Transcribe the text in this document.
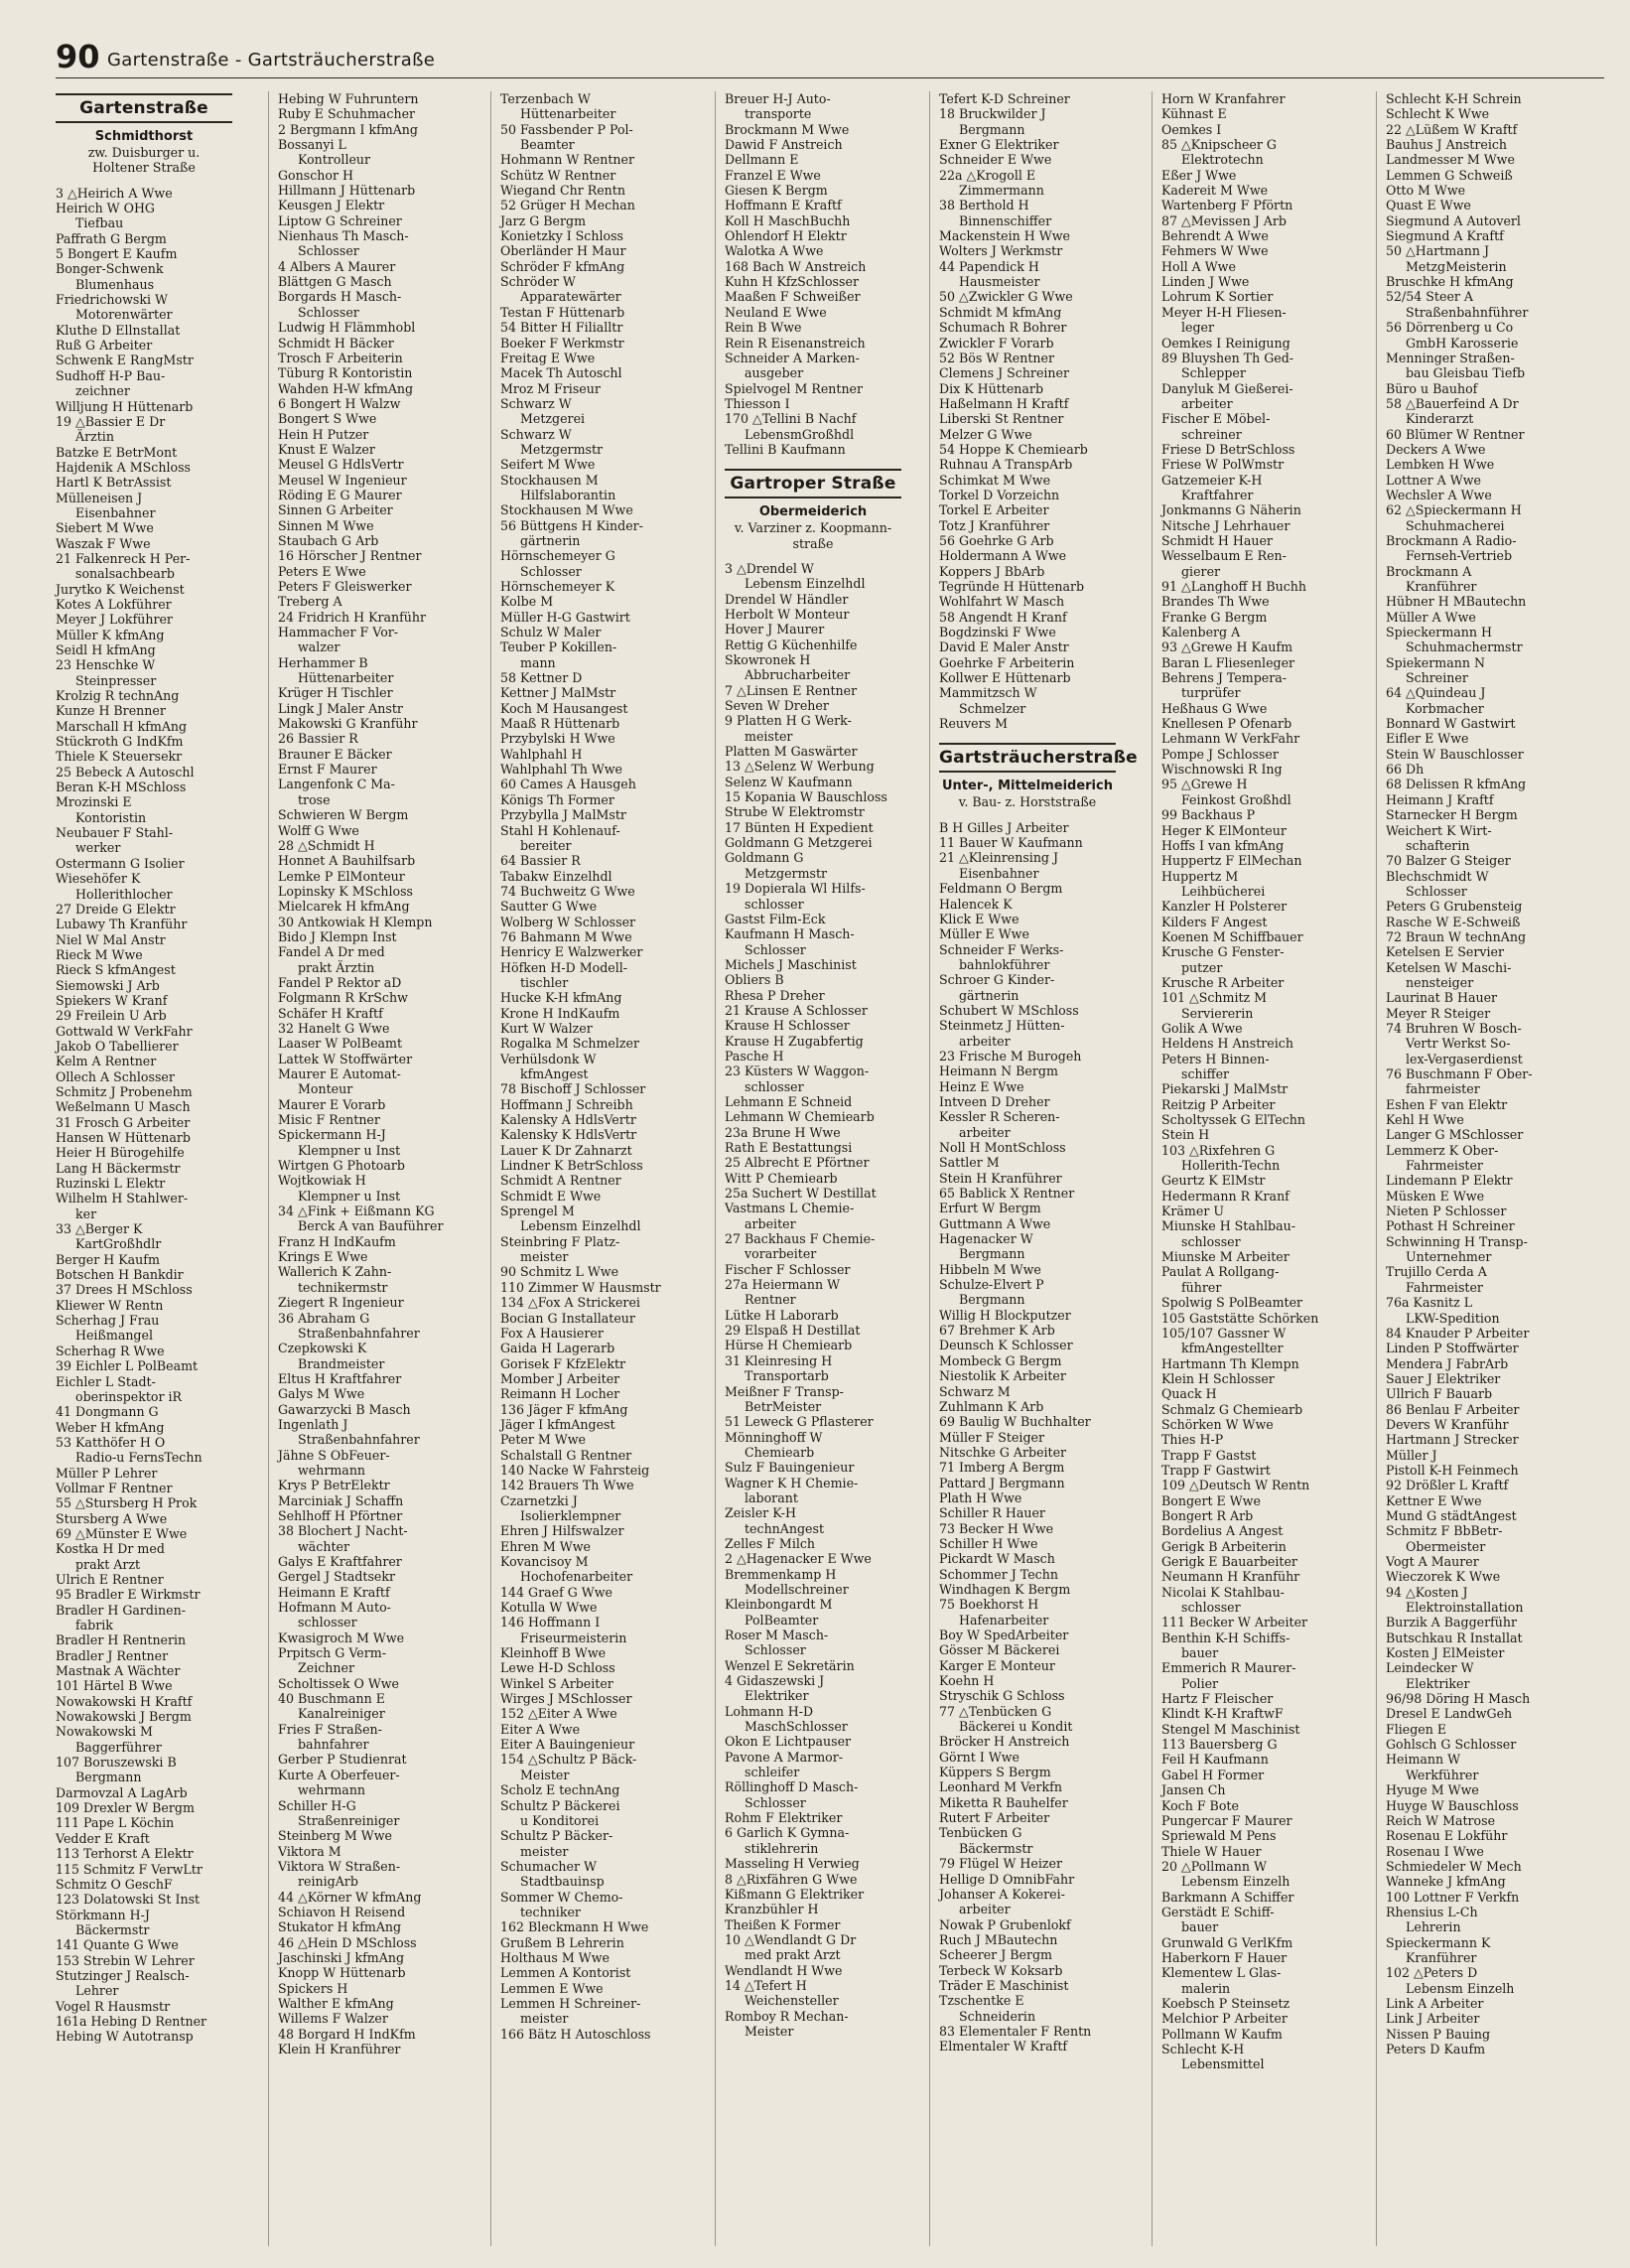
90 Gartenstraße - Gartsträucherstraße
Gartenstraße
Schmidthorst
zw. Duisburger u.
Holtener Straße
3 △Heirich A Wwe
Heirich W OHG
Tiefbau
Paffrath G Bergm
5 Bongert E Kaufm
Bonger-Schwenk
Blumenhaus
Friedrichowski W
Motorenwärter
Kluthe D Ellnstallat
Ruß G Arbeiter
Schwenk E RangMstr
Sudhoff H-P Bau-
zeichner
Willjung H Hüttenarb
19 △Bassier E Dr
Ärztin
Batzke E BetrMont
Hajdenik A MSchloss
Hartl K BetrAssist
Mülleneisen J
Eisenbahner
Siebert M Wwe
Waszak F Wwe
21 Falkenreck H Per-
sonalsachbearb
Jurytko K Weichenst
Kotes A Lokführer
Meyer J Lokführer
Müller K kfmAng
Seidl H kfmAng
23 Henschke W
Steinpresser
Krolzig R technAng
Kunze H Brenner
Marschall H kfmAng
Stückroth G IndKfm
Thiele K Steuersekr
25 Bebeck A Autoschl
Beran K-H MSchloss
Mrozinski E
Kontoristin
Neubauer F Stahl-
werker
Ostermann G Isolier
Wiesehöfer K
Hollerithlocher
27 Dreide G Elektr
Lubawy Th Kranführ
Niel W Mal Anstr
Rieck M Wwe
Rieck S kfmAngest
Siemowski J Arb
Spiekers W Kranf
29 Freilein U Arb
Gottwald W VerkFahr
Jakob O Tabellierer
Kelm A Rentner
Ollech A Schlosser
Schmitz J Probenehm
Weßelmann U Masch
31 Frosch G Arbeiter
Hansen W Hüttenarb
Heier H Bürogehilfe
Lang H Bäckermstr
Ruzinski L Elektr
Wilhelm H Stahlwer-
ker
33 △Berger K
KartGroßhdlr
Berger H Kaufm
Botschen H Bankdir
37 Drees H MSchloss
Kliewer W Rentn
Scherhag J Frau
Heißmangel
Scherhag R Wwe
39 Eichler L PolBeamt
Eichler L Stadt-
oberinspektor iR
41 Dongmann G
Weber H kfmAng
53 Katthöfer H O
Radio-u FernsTechn
Müller P Lehrer
Vollmar F Rentner
55 △Stursberg H Prok
Stursberg A Wwe
69 △Münster E Wwe
Kostka H Dr med
prakt Arzt
Ulrich E Rentner
95 Bradler E Wirkmstr
Bradler H Gardinen-
fabrik
Bradler H Rentnerin
Bradler J Rentner
Mastnak A Wächter
101 Härtel B Wwe
Nowakowski H Kraftf
Nowakowski J Bergm
Nowakowski M
Baggerführer
107 Boruszewski B
Bergmann
Darmovzal A LagArb
109 Drexler W Bergm
111 Pape L Köchin
Vedder E Kraft
113 Terhorst A Elektr
115 Schmitz F VerwLtr
Schmitz O GeschF
123 Dolatowski St Inst
Störkmann H-J
Bäckermstr
141 Quante G Wwe
153 Strebin W Lehrer
Stutzinger J Realsch-
Lehrer
Vogel R Hausmstr
161a Hebing D Rentner
Hebing W Autotransp
Hebing W Fuhruntern
Ruby E Schuhmacher
2 Bergmann I kfmAng
Bossanyi L
Kontrolleur
Gonschor H
Hillmann J Hüttenarb
Keusgen J Elektr
Liptow G Schreiner
Nienhaus Th Masch-
Schlosser
4 Albers A Maurer
Blättgen G Masch
Borgards H Masch-
Schlosser
Ludwig H Flämmhobl
Schmidt H Bäcker
Trosch F Arbeiterin
Tüburg R Kontoristin
Wahden H-W kfmAng
6 Bongert H Walzw
Bongert S Wwe
Hein H Putzer
Knust E Walzer
Meusel G HdlsVertr
Meusel W Ingenieur
Röding E G Maurer
Sinnen G Arbeiter
Sinnen M Wwe
Staubach G Arb
16 Hörscher J Rentner
Peters E Wwe
Peters F Gleiswerker
Treberg A
24 Fridrich H Kranführ
Hammacher F Vor-
walzer
Herhammer B
Hüttenarbeiter
Krüger H Tischler
Lingk J Maler Anstr
Makowski G Kranführ
26 Bassier R
Brauner E Bäcker
Ernst F Maurer
Langenfonk C Ma-
trose
Schwieren W Bergm
Wolff G Wwe
28 △Schmidt H
Honnet A Bauhilfsarb
Lemke P ElMonteur
Lopinsky K MSchloss
Mielcarek H kfmAng
30 Antkowiak H Klempn
Bido J Klempn Inst
Fandel A Dr med
prakt Ärztin
Fandel P Rektor aD
Folgmann R KrSchw
Schäfer H Kraftf
32 Hanelt G Wwe
Laaser W PolBeamt
Lattek W Stoffwärter
Maurer E Automat-
Monteur
Maurer E Vorarb
Misic F Rentner
Spickermann H-J
Klempner u Inst
Wirtgen G Photoarb
Wojtkowiak H
Klempner u Inst
34 △Fink + Eißmann KG
Berck A van Bauführer
Franz H IndKaufm
Krings E Wwe
Wallerich K Zahn-
technikermstr
Ziegert R Ingenieur
36 Abraham G
Straßenbahnfahrer
Czepkowski K
Brandmeister
Eltus H Kraftfahrer
Galys M Wwe
Gawarzycki B Masch
Ingenlath J
Straßenbahnfahrer
Jähne S ObFeuer-
wehrmann
Krys P BetrElektr
Marciniak J Schaffn
Sehlhoff H Pförtner
38 Blochert J Nacht-
wächter
Galys E Kraftfahrer
Gergel J Stadtsekr
Heimann E Kraftf
Hofmann M Auto-
schlosser
Kwasigroch M Wwe
Prpitsch G Verm-
Zeichner
Scholtissek O Wwe
40 Buschmann E
Kanalreiniger
Fries F Straßen-
bahnfahrer
Gerber P Studienrat
Kurte A Oberfeuer-
wehrmann
Schiller H-G
Straßenreiniger
Steinberg M Wwe
Viktora M
Viktora W Straßen-
reinigArb
44 △Körner W kfmAng
Schiavon H Reisend
Stukator H kfmAng
46 △Hein D MSchloss
Jaschinski J kfmAng
Knopp W Hüttenarb
Spickers H
Walther E kfmAng
Willems F Walzer
48 Borgard H IndKfm
Klein H Kranführer
Terzenbach W
Hüttenarbeiter
50 Fassbender P Pol-
Beamter
Hohmann W Rentner
Schütz W Rentner
Wiegand Chr Rentn
52 Grüger H Mechan
Jarz G Bergm
Konietzky I Schloss
Oberländer H Maur
Schröder F kfmAng
Schröder W
Apparatewärter
Testan F Hüttenarb
54 Bitter H Filialltr
Boeker F Werkmstr
Freitag E Wwe
Macek Th Autoschl
Mroz M Friseur
Schwarz W
Metzgerei
Schwarz W
Metzgermstr
Seifert M Wwe
Stockhausen M
Hilfslaborantin
Stockhausen M Wwe
56 Büttgens H Kinder-
gärtnerin
Hörnschemeyer G
Schlosser
Hörnschemeyer K
Kolbe M
Müller H-G Gastwirt
Schulz W Maler
Teuber P Kokillen-
mann
58 Kettner D
Kettner J MalMstr
Koch M Hausangest
Maaß R Hüttenarb
Przybylski H Wwe
Wahlphahl H
Wahlphahl Th Wwe
60 Cames A Hausgeh
Königs Th Former
Przybylla J MalMstr
Stahl H Kohlenauf-
bereiter
64 Bassier R
Tabakw Einzelhdl
74 Buchweitz G Wwe
Sautter G Wwe
Wolberg W Schlosser
76 Bahmann M Wwe
Henricy E Walzwerker
Höfken H-D Modell-
tischler
Hucke K-H kfmAng
Krone H IndKaufm
Kurt W Walzer
Rogalka M Schmelzer
Verhülsdonk W
kfmAngest
78 Bischoff J Schlosser
Hoffmann J Schreibh
Kalensky A HdlsVertr
Kalensky K HdlsVertr
Lauer K Dr Zahnarzt
Lindner K BetrSchloss
Schmidt A Rentner
Schmidt E Wwe
Sprengel M
Lebensm Einzelhdl
Steinbring F Platz-
meister
90 Schmitz L Wwe
110 Zimmer W Hausmstr
134 △Fox A Strickerei
Bocian G Installateur
Fox A Hausierer
Gaida H Lagerarb
Gorisek F KfzElektr
Momber J Arbeiter
Reimann H Locher
136 Jäger F kfmAng
Jäger I kfmAngest
Peter M Wwe
Schalstall G Rentner
140 Nacke W Fahrsteig
142 Brauers Th Wwe
Czarnetzki J
Isolierklempner
Ehren J Hilfswalzer
Ehren M Wwe
Kovancisoy M
Hochofenarbeiter
144 Graef G Wwe
Kotulla W Wwe
146 Hoffmann I
Friseurmeisterin
Kleinhoff B Wwe
Lewe H-D Schloss
Winkel S Arbeiter
Wirges J MSchlosser
152 △Eiter A Wwe
Eiter A Wwe
Eiter A Bauingenieur
154 △Schultz P Bäck-
Meister
Scholz E technAng
Schultz P Bäckerei
u Konditorei
Schultz P Bäcker-
meister
Schumacher W
Stadtbauinsp
Sommer W Chemo-
techniker
162 Bleckmann H Wwe
Grußem B Lehrerin
Holthaus M Wwe
Lemmen A Kontorist
Lemmen E Wwe
Lemmen H Schreiner-
meister
166 Bätz H Autoschloss
Breuer H-J Auto-
transporte
Brockmann M Wwe
Dawid F Anstreich
Dellmann E
Franzel E Wwe
Giesen K Bergm
Hoffmann E Kraftf
Koll H MaschBuchh
Ohlendorf H Elektr
Walotka A Wwe
168 Bach W Anstreich
Kuhn H KfzSchlosser
Maaßen F Schweißer
Neuland E Wwe
Rein B Wwe
Rein R Eisenanstreich
Schneider A Marken-
ausgeber
Spielvogel M Rentner
Thiesson I
170 △Tellini B Nachf
LebensmGroßhdl
Tellini B Kaufmann
Gartroper Straße
Obermeiderich
v. Varziner z. Koopmann-
straße
3 △Drendel W
Lebensm Einzelhdl
Drendel W Händler
Herbolt W Monteur
Hover J Maurer
Rettig G Küchenhilfe
Skowronek H
Abbrucharbeiter
7 △Linsen E Rentner
Seven W Dreher
9 Platten H G Werk-
meister
Platten M Gaswärter
13 △Selenz W Werbung
Selenz W Kaufmann
15 Kopania W Bauschloss
Strube W Elektromstr
17 Bünten H Expedient
Goldmann G Metzgerei
Goldmann G
Metzgermstr
19 Dopierala Wl Hilfs-
schlosser
Gastst Film-Eck
Kaufmann H Masch-
Schlosser
Michels J Maschinist
Obliers B
Rhesa P Dreher
21 Krause A Schlosser
Krause H Schlosser
Krause H Zugabfertig
Pasche H
23 Küsters W Waggon-
schlosser
Lehmann E Schneid
Lehmann W Chemiearb
23a Brune H Wwe
Rath E Bestattungsi
25 Albrecht E Pförtner
Witt P Chemiearb
25a Suchert W Destillat
Vastmans L Chemie-
arbeiter
27 Backhaus F Chemie-
vorarbeiter
Fischer F Schlosser
27a Heiermann W
Rentner
Lütke H Laborarb
29 Elspaß H Destillat
Hürse H Chemiearb
31 Kleinresing H
Transportarb
Meißner F Transp-
BetrMeister
51 Leweck G Pflasterer
Mönninghoff W
Chemiearb
Sulz F Bauingenieur
Wagner K H Chemie-
laborant
Zeisler K-H
technAngest
Zelles F Milch
2 △Hagenacker E Wwe
Bremmenkamp H
Modellschreiner
Kleinbongardt M
PolBeamter
Roser M Masch-
Schlosser
Wenzel E Sekretärin
4 Gidaszewski J
Elektriker
Lohmann H-D
MaschSchlosser
Okon E Lichtpauser
Pavone A Marmor-
schleifer
Röllinghoff D Masch-
Schlosser
Rohm F Elektriker
6 Garlich K Gymna-
stiklehrerin
Masseling H Verwieg
8 △Rixfähren G Wwe
Kißmann G Elektriker
Kranzbühler H
Theißen K Former
10 △Wendlandt G Dr
med prakt Arzt
Wendlandt H Wwe
14 △Tefert H
Weichensteller
Romboy R Mechan-
Meister
Tefert K-D Schreiner
18 Bruckwilder J
Bergmann
Exner G Elektriker
Schneider E Wwe
22a △Krogoll E
Zimmermann
38 Berthold H
Binnenschiffer
Mackenstein H Wwe
Wolters J Werkmstr
44 Papendick H
Hausmeister
50 △Zwickler G Wwe
Schmidt M kfmAng
Schumach R Bohrer
Zwickler F Vorarb
52 Bös W Rentner
Clemens J Schreiner
Dix K Hüttenarb
Haßelmann H Kraftf
Liberski St Rentner
Melzer G Wwe
54 Hoppe K Chemiearb
Ruhnau A TranspArb
Schimkat M Wwe
Torkel D Vorzeichn
Torkel E Arbeiter
Totz J Kranführer
56 Goehrke G Arb
Holdermann A Wwe
Koppers J BbArb
Tegründe H Hüttenarb
Wohlfahrt W Masch
58 Angendt H Kranf
Bogdzinski F Wwe
David E Maler Anstr
Goehrke F Arbeiterin
Kollwer E Hüttenarb
Mammitzsch W
Schmelzer
Reuvers M
Gartsträucherstraße
Unter-, Mittelmeiderich
v. Bau- z. Horststraße
B H Gilles J Arbeiter
11 Bauer W Kaufmann
21 △Kleinrensing J
Eisenbahner
Feldmann O Bergm
Halencek K
Klick E Wwe
Müller E Wwe
Schneider F Werks-
bahnlokführer
Schroer G Kinder-
gärtnerin
Schubert W MSchloss
Steinmetz J Hütten-
arbeiter
23 Frische M Burogeh
Heimann N Bergm
Heinz E Wwe
Intveen D Dreher
Kessler R Scheren-
arbeiter
Noll H MontSchloss
Sattler M
Stein H Kranführer
65 Bablick X Rentner
Erfurt W Bergm
Guttmann A Wwe
Hagenacker W
Bergmann
Hibbeln M Wwe
Schulze-Elvert P
Bergmann
Willig H Blockputzer
67 Brehmer K Arb
Deunsch K Schlosser
Mombeck G Bergm
Niestolik K Arbeiter
Schwarz M
Zuhlmann K Arb
69 Baulig W Buchhalter
Müller F Steiger
Nitschke G Arbeiter
71 Imberg A Bergm
Pattard J Bergmann
Plath H Wwe
Schiller R Hauer
73 Becker H Wwe
Schiller H Wwe
Pickardt W Masch
Schommer J Techn
Windhagen K Bergm
75 Boekhorst H
Hafenarbeiter
Boy W SpedArbeiter
Gösser M Bäckerei
Karger E Monteur
Koehn H
Stryschik G Schloss
77 △Tenbücken G
Bäckerei u Kondit
Bröcker H Anstreich
Görnt I Wwe
Küppers S Bergm
Leonhard M Verkfn
Miketta R Bauhelfer
Rutert F Arbeiter
Tenbücken G
Bäckermstr
79 Flügel W Heizer
Hellige D OmnibFahr
Johanser A Kokerei-
arbeiter
Nowak P Grubenlokf
Ruch J MBautechn
Scheerer J Bergm
Terbeck W Koksarb
Träder E Maschinist
Tzschentke E
Schneiderin
83 Elementaler F Rentn
Elmentaler W Kraftf
Horn W Kranfahrer
Kühnast E
Oemkes I
85 △Knipscheer G
Elektrotechn
Eßer J Wwe
Kadereit M Wwe
Wartenberg F Pförtn
87 △Mevissen J Arb
Behrendt A Wwe
Fehmers W Wwe
Holl A Wwe
Linden J Wwe
Lohrum K Sortier
Meyer H-H Fliesen-
leger
Oemkes I Reinigung
89 Bluyshen Th Ged-
Schlepper
Danyluk M Gießerei-
arbeiter
Fischer E Möbel-
schreiner
Friese D BetrSchloss
Friese W PolWmstr
Gatzemeier K-H
Kraftfahrer
Jonkmanns G Näherin
Nitsche J Lehrhauer
Schmidt H Hauer
Wesselbaum E Ren-
gierer
91 △Langhoff H Buchh
Brandes Th Wwe
Franke G Bergm
Kalenberg A
93 △Grewe H Kaufm
Baran L Fliesenleger
Behrens J Tempera-
turprüfer
Heßhaus G Wwe
Knellesen P Ofenarb
Lehmann W VerkFahr
Pompe J Schlosser
Wischnowski R Ing
95 △Grewe H
Feinkost Großhdl
99 Backhaus P
Heger K ElMonteur
Hoffs I van kfmAng
Huppertz F ElMechan
Huppertz M
Leihbücherei
Kanzler H Polsterer
Kilders F Angest
Koenen M Schiffbauer
Krusche G Fenster-
putzer
Krusche R Arbeiter
101 △Schmitz M
Serviererin
Golik A Wwe
Heldens H Anstreich
Peters H Binnen-
schiffer
Piekarski J MalMstr
Reitzig P Arbeiter
Scholtyssek G ElTechn
Stein H
103 △Rixfehren G
Hollerith-Techn
Geurtz K ElMstr
Hedermann R Kranf
Krämer U
Miunske H Stahlbau-
schlosser
Miunske M Arbeiter
Paulat A Rollgang-
führer
Spolwig S PolBeamter
105 Gaststätte Schörken
105/107 Gassner W
kfmAngestellter
Hartmann Th Klempn
Klein H Schlosser
Quack H
Schmalz G Chemiearb
Schörken W Wwe
Thies H-P
Trapp F Gastst
Trapp F Gastwirt
109 △Deutsch W Rentn
Bongert E Wwe
Bongert R Arb
Bordelius A Angest
Gerigk B Arbeiterin
Gerigk E Bauarbeiter
Neumann H Kranführ
Nicolai K Stahlbau-
schlosser
111 Becker W Arbeiter
Benthin K-H Schiffs-
bauer
Emmerich R Maurer-
Polier
Hartz F Fleischer
Klindt K-H KraftwF
Stengel M Maschinist
113 Bauersberg G
Feil H Kaufmann
Gabel H Former
Jansen Ch
Koch F Bote
Pungercar F Maurer
Spriewald M Pens
Thiele W Hauer
20 △Pollmann W
Lebensm Einzelh
Barkmann A Schiffer
Gerstädt E Schiff-
bauer
Grunwald G VerlKfm
Haberkorn F Hauer
Klementew L Glas-
malerin
Koebsch P Steinsetz
Melchior P Arbeiter
Pollmann W Kaufm
Schlecht K-H
Lebensmittel
Schlecht K-H Schrein
Schlecht K Wwe
22 △Lüßem W Kraftf
Bauhus J Anstreich
Landmesser M Wwe
Lemmen G Schweiß
Otto M Wwe
Quast E Wwe
Siegmund A Autoverl
Siegmund A Kraftf
50 △Hartmann J
MetzgMeisterin
Bruschke H kfmAng
52/54 Steer A
Straßenbahnführer
56 Dörrenberg u Co
GmbH Karosserie
Menninger Straßen-
bau Gleisbau Tiefb
Büro u Bauhof
58 △Bauerfeind A Dr
Kinderarzt
60 Blümer W Rentner
Deckers A Wwe
Lembken H Wwe
Lottner A Wwe
Wechsler A Wwe
62 △Spieckermann H
Schuhmacherei
Brockmann A Radio-
Fernseh-Vertrieb
Brockmann A
Kranführer
Hübner H MBautechn
Müller A Wwe
Spieckermann H
Schuhmachermstr
Spiekermann N
Schreiner
64 △Quindeau J
Korbmacher
Bonnard W Gastwirt
Eifler E Wwe
Stein W Bauschlosser
66 Dh
68 Delissen R kfmAng
Heimann J Kraftf
Starnecker H Bergm
Weichert K Wirt-
schafterin
70 Balzer G Steiger
Blechschmidt W
Schlosser
Peters G Grubensteig
Rasche W E-Schweiß
72 Braun W technAng
Ketelsen E Servier
Ketelsen W Maschi-
nensteiger
Laurinat B Hauer
Meyer R Steiger
74 Bruhren W Bosch-
Vertr Werkst So-
lex-Vergaserdienst
76 Buschmann F Ober-
fahrmeister
Eshen F van Elektr
Kehl H Wwe
Langer G MSchlosser
Lemmerz K Ober-
Fahrmeister
Lindemann P Elektr
Müsken E Wwe
Nieten P Schlosser
Pothast H Schreiner
Schwinning H Transp-
Unternehmer
Trujillo Cerda A
Fahrmeister
76a Kasnitz L
LKW-Spedition
84 Knauder P Arbeiter
Linden P Stoffwärter
Mendera J FabrArb
Sauer J Elektriker
Ullrich F Bauarb
86 Benlau F Arbeiter
Devers W Kranführ
Hartmann J Strecker
Müller J
Pistoll K-H Feinmech
92 Drößler L Kraftf
Kettner E Wwe
Mund G städtAngest
Schmitz F BbBetr-
Obermeister
Vogt A Maurer
Wieczorek K Wwe
94 △Kosten J
Elektroinstallation
Burzik A Baggerführ
Butschkau R Installat
Kosten J ElMeister
Leindecker W
Elektriker
96/98 Döring H Masch
Dresel E LandwGeh
Fliegen E
Gohlsch G Schlosser
Heimann W
Werkführer
Hyuge M Wwe
Huyge W Bauschloss
Reich W Matrose
Rosenau E Lokführ
Rosenau I Wwe
Schmiedeler W Mech
Wanneke J kfmAng
100 Lottner F Verkfn
Rhensius L-Ch
Lehrerin
Spieckermann K
Kranführer
102 △Peters D
Lebensm Einzelh
Link A Arbeiter
Link J Arbeiter
Nissen P Bauing
Peters D Kaufm
